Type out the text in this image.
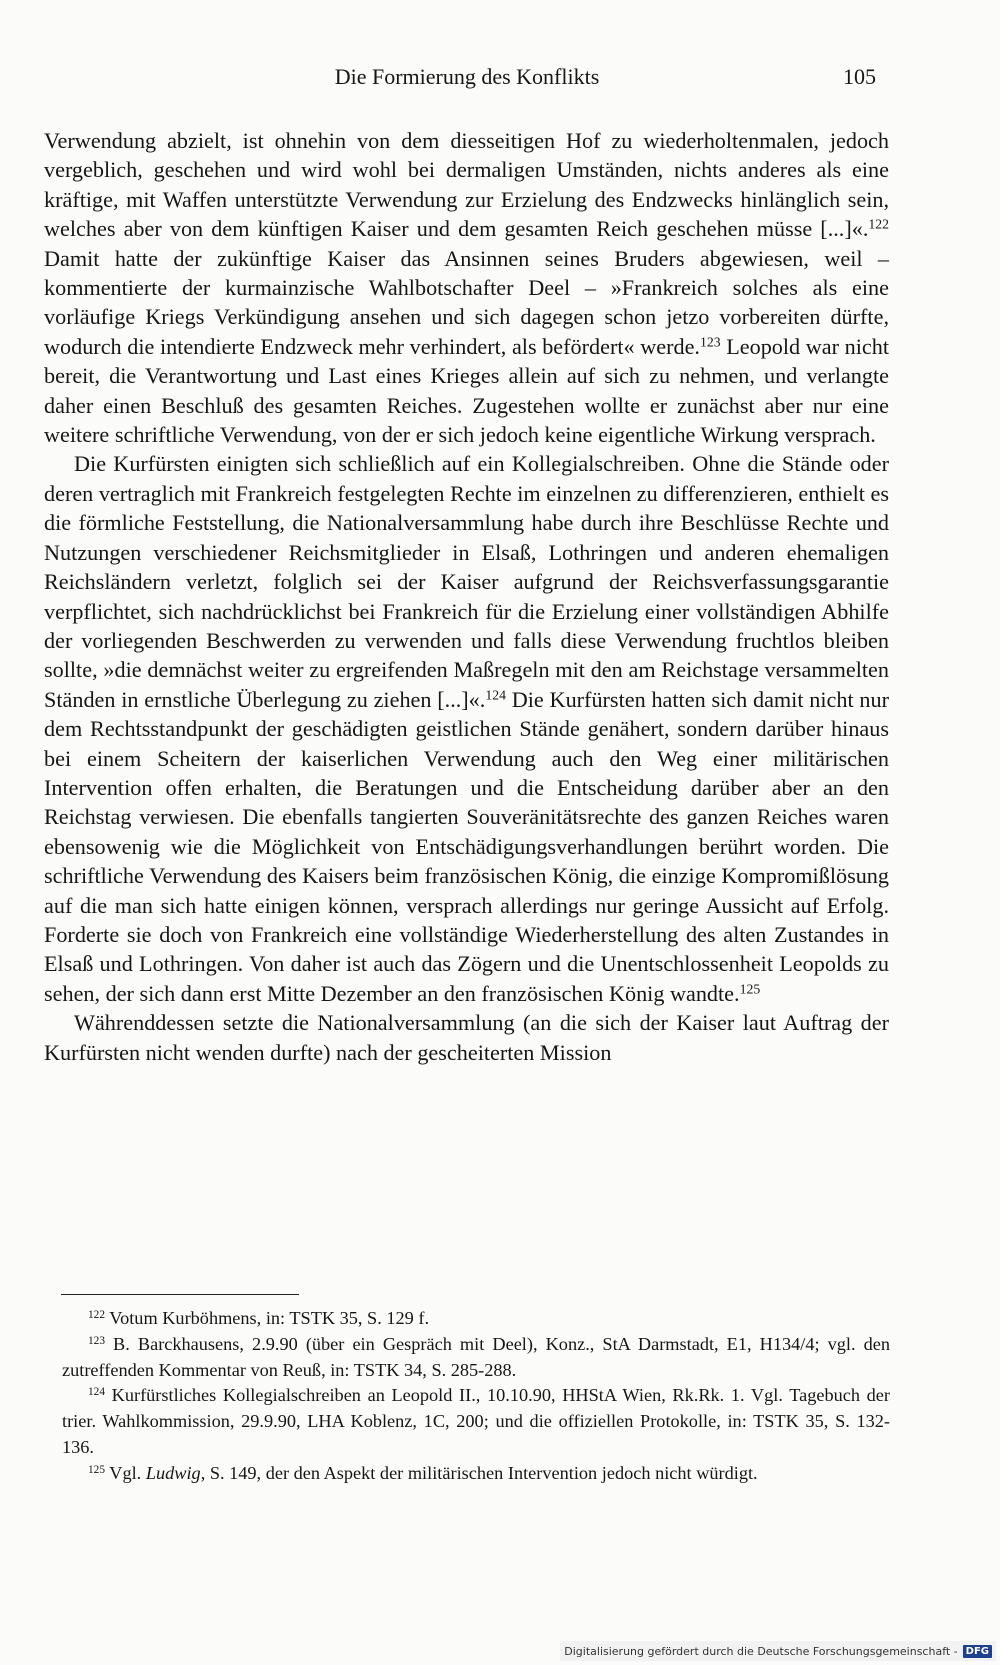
Die Formierung des Konflikts	105

Verwendung abzielt, ist ohnehin von dem diesseitigen Hof zu wiederholtenmalen, jedoch vergeblich, geschehen und wird wohl bei dermaligen Umständen, nichts anderes als eine kräftige, mit Waffen unterstützte Verwendung zur Erzielung des Endzwecks hinlänglich sein, welches aber von dem künftigen Kaiser und dem gesamten Reich geschehen müsse [...]«.$^{122}$ Damit hatte der zukünftige Kaiser das Ansinnen seines Bruders abgewiesen, weil – kommentierte der kurmainzische Wahlbotschafter Deel – »Frankreich solches als eine vorläufige Kriegs Verkündigung ansehen und sich dagegen schon jetzo vorbereiten dürfte, wodurch die intendierte Endzweck mehr verhindert, als befördert« werde.$^{123}$ Leopold war nicht bereit, die Verantwortung und Last eines Krieges allein auf sich zu nehmen, und verlangte daher einen Beschluß des gesamten Reiches. Zugestehen wollte er zunächst aber nur eine weitere schriftliche Verwendung, von der er sich jedoch keine eigentliche Wirkung versprach.

Die Kurfürsten einigten sich schließlich auf ein Kollegialschreiben. Ohne die Stände oder deren vertraglich mit Frankreich festgelegten Rechte im einzelnen zu differenzieren, enthielt es die förmliche Feststellung, die Nationalversammlung habe durch ihre Beschlüsse Rechte und Nutzungen verschiedener Reichsmitglieder in Elsaß, Lothringen und anderen ehemaligen Reichsländern verletzt, folglich sei der Kaiser aufgrund der Reichsverfassungsgarantie verpflichtet, sich nachdrücklichst bei Frankreich für die Erzielung einer vollständigen Abhilfe der vorliegenden Beschwerden zu verwenden und falls diese Verwendung fruchtlos bleiben sollte, »die demnächst weiter zu ergreifenden Maßregeln mit den am Reichstage versammelten Ständen in ernstliche Überlegung zu ziehen [...]«.$^{124}$ Die Kurfürsten hatten sich damit nicht nur dem Rechtsstandpunkt der geschädigten geistlichen Stände genähert, sondern darüber hinaus bei einem Scheitern der kaiserlichen Verwendung auch den Weg einer militärischen Intervention offen erhalten, die Beratungen und die Entscheidung darüber aber an den Reichstag verwiesen. Die ebenfalls tangierten Souveränitätsrechte des ganzen Reiches waren ebensowenig wie die Möglichkeit von Entschädigungsverhandlungen berührt worden. Die schriftliche Verwendung des Kaisers beim französischen König, die einzige Kompromißlösung auf die man sich hatte einigen können, versprach allerdings nur geringe Aussicht auf Erfolg. Forderte sie doch von Frankreich eine vollständige Wiederherstellung des alten Zustandes in Elsaß und Lothringen. Von daher ist auch das Zögern und die Unentschlossenheit Leopolds zu sehen, der sich dann erst Mitte Dezember an den französischen König wandte.$^{125}$

Währenddessen setzte die Nationalversammlung (an die sich der Kaiser laut Auftrag der Kurfürsten nicht wenden durfte) nach der gescheiterten Mission

$^{122}$ Votum Kurböhmens, in: TSTK 35, S. 129 f.

$^{123}$ B. Barckhausens, 2.9.90 (über ein Gespräch mit Deel), Konz., StA Darmstadt, E1, H134/4; vgl. den zutreffenden Kommentar von Reuß, in: TSTK 34, S. 285-288.

$^{124}$ Kurfürstliches Kollegialschreiben an Leopold II., 10.10.90, HHStA Wien, Rk.Rk. 1. Vgl. Tagebuch der trier. Wahlkommission, 29.9.90, LHA Koblenz, 1C, 200; und die offiziellen Protokolle, in: TSTK 35, S. 132-136.

$^{125}$ Vgl. Ludwig, S. 149, der den Aspekt der militärischen Intervention jedoch nicht würdigt.

Digitalisierung gefördert durch die Deutsche Forschungsgemeinschaft - DFG
